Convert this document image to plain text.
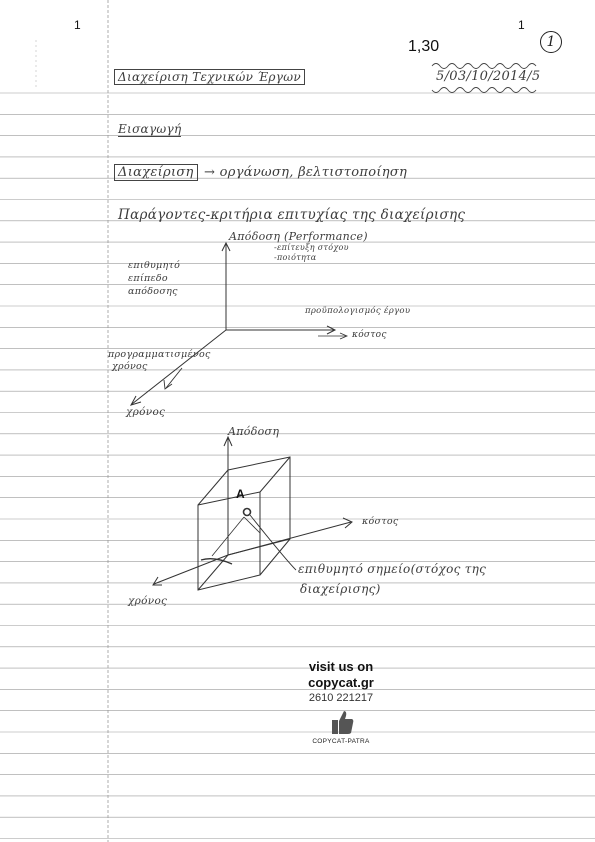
1	1
1,30	1
Διαχείριση Τεχνικών Έργων	5/03/10/2014/5
Εισαγωγή
Διαχείριση → οργάνωση, βελτιστοποίηση
Παράγοντες-κριτήρια επιτυχίας της διαχείρισης
Απόδοση (Performance)
-επίτευξη στόχου
-ποιότητα
επιθυμητό
επίπεδο
απόδοσης
προϋπολογισμός έργου
κόστος
προγραμματισμένος
χρόνος
χρόνος
Απόδοση
A
κόστος
επιθυμητό σημείο(στόχος της
διαχείρισης)
χρόνος
visit us on
copycat.gr
2610 221217
COPYCAT-PATRA
